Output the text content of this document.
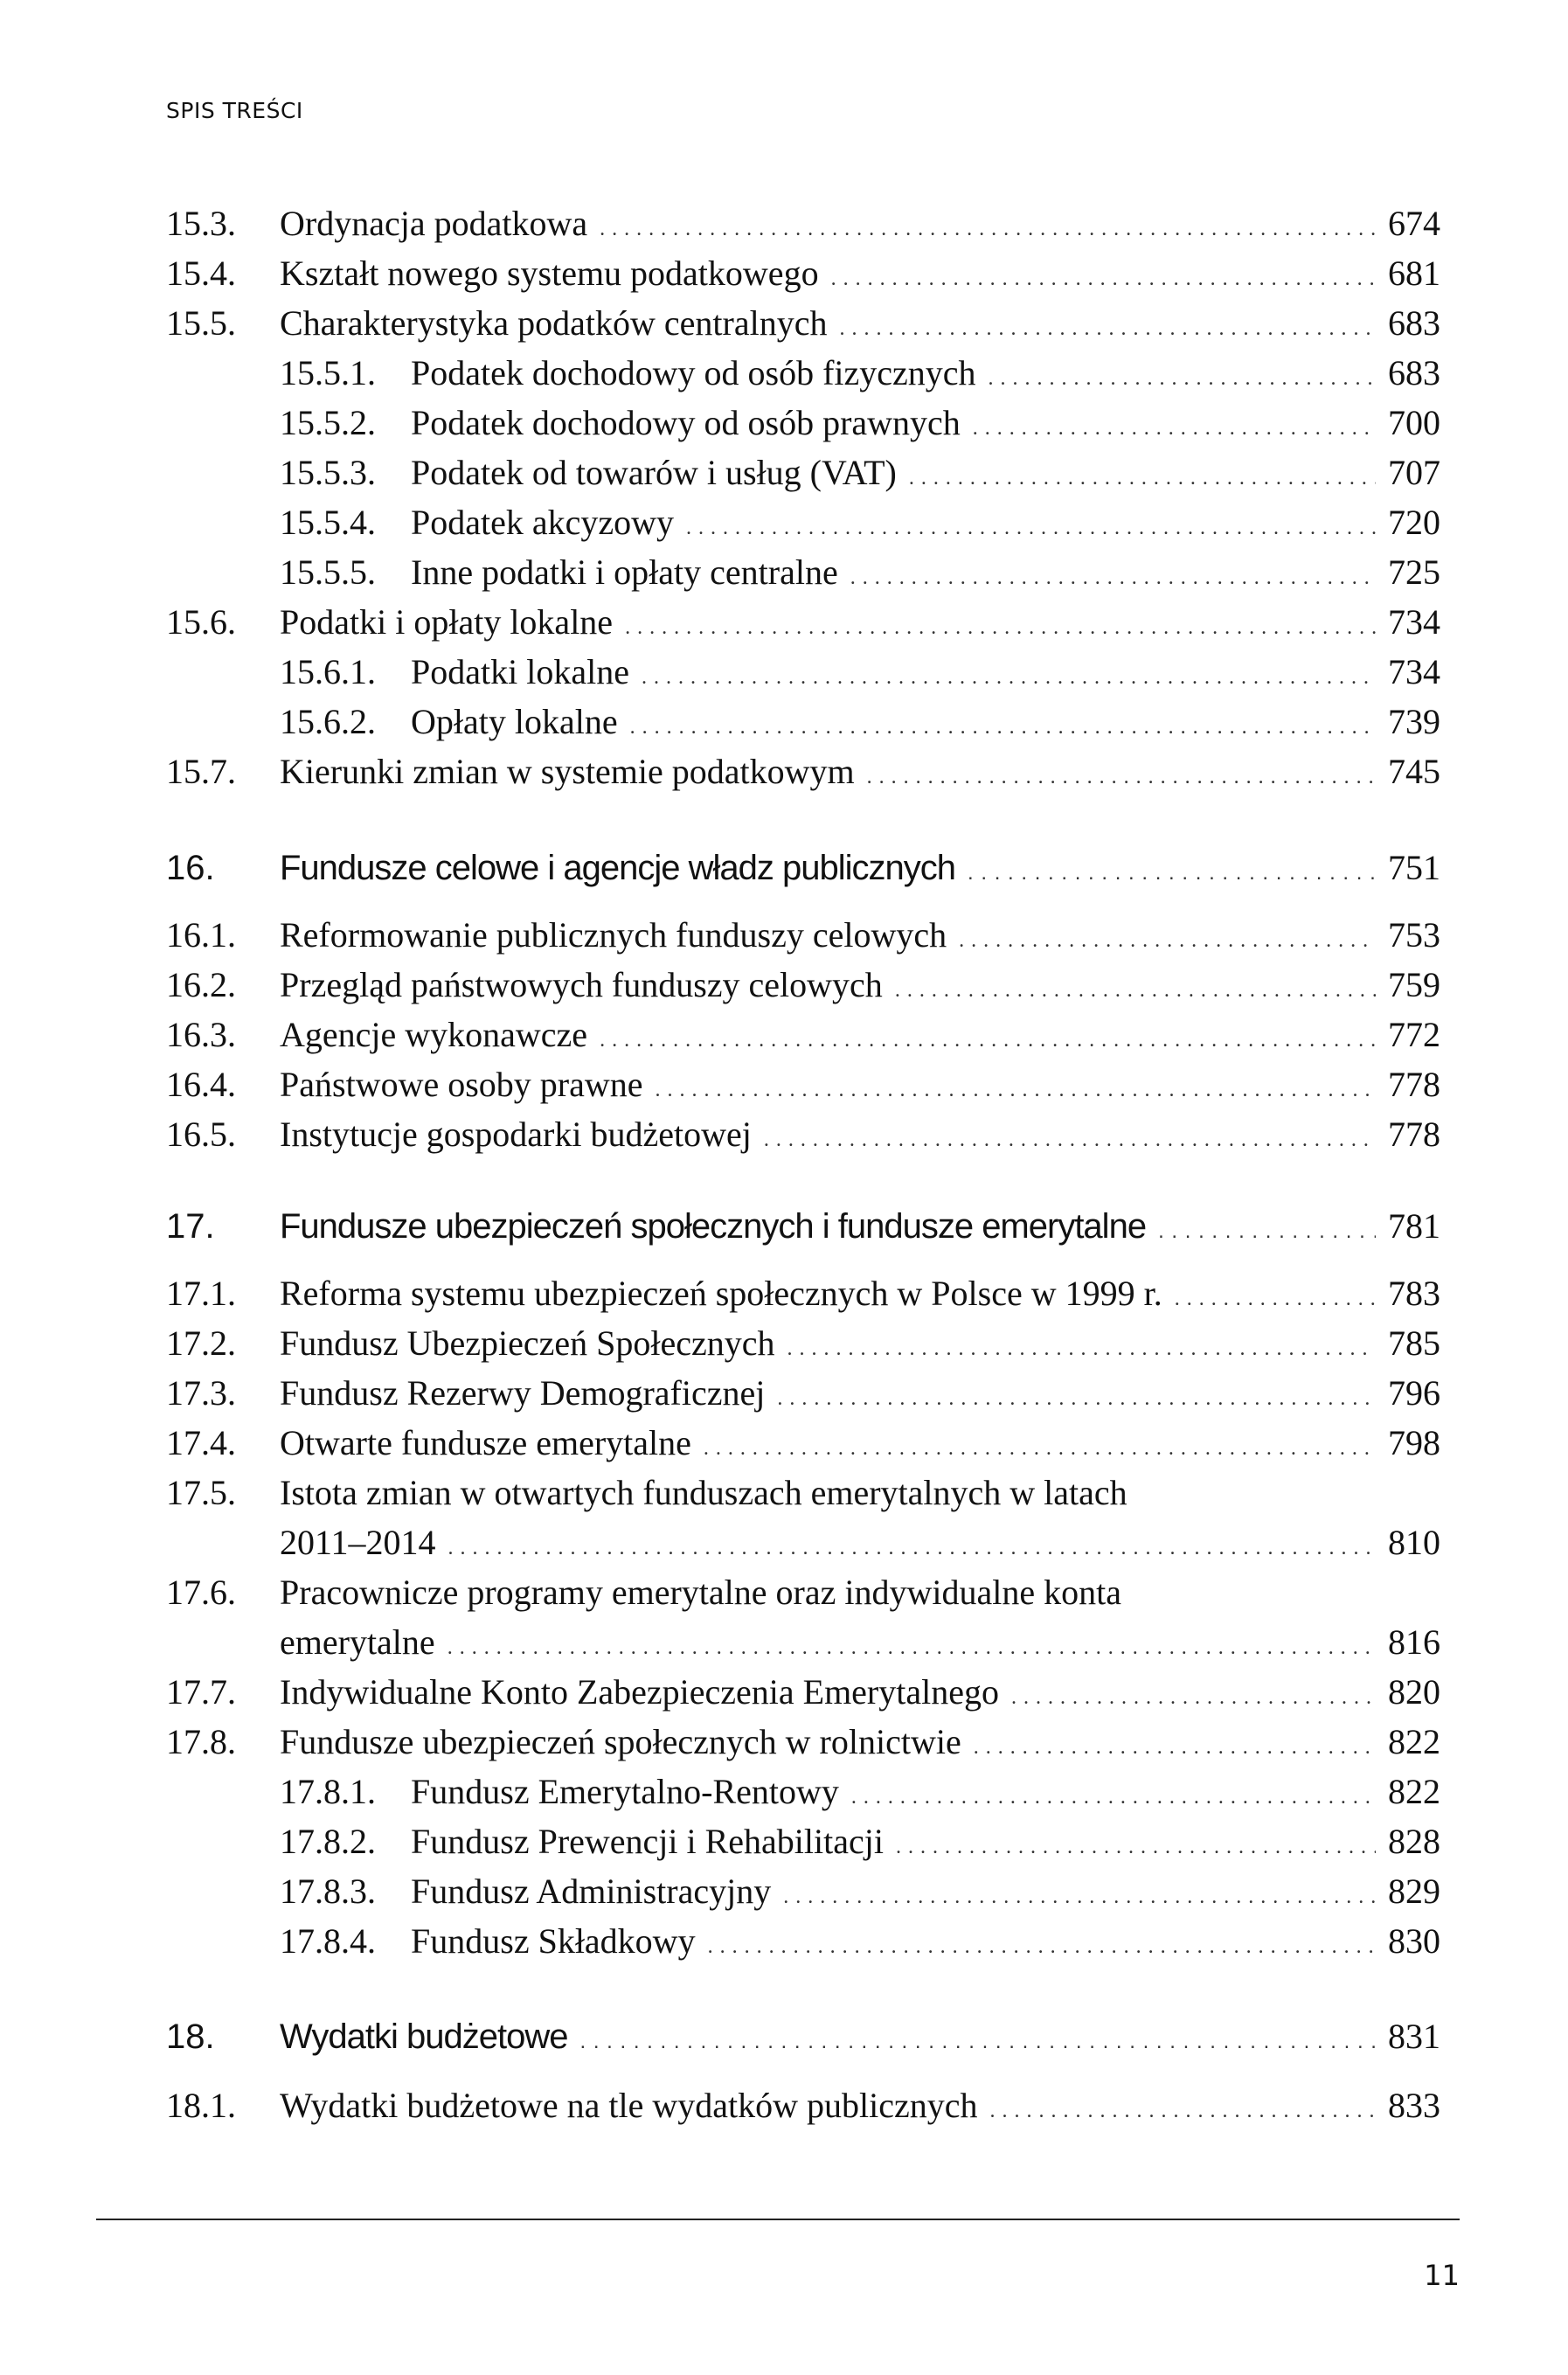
SPIS TREŚCI
15.3.	Ordynacja podatkowa . . .	674
15.4.	Kształt nowego systemu podatkowego . . .	681
15.5.	Charakterystyka podatków centralnych . . .	683
15.5.1.	Podatek dochodowy od osób fizycznych . . .	683
15.5.2.	Podatek dochodowy od osób prawnych . . .	700
15.5.3.	Podatek od towarów i usług (VAT) . . .	707
15.5.4.	Podatek akcyzowy . . .	720
15.5.5.	Inne podatki i opłaty centralne . . .	725
15.6.	Podatki i opłaty lokalne . . .	734
15.6.1.	Podatki lokalne . . .	734
15.6.2.	Opłaty lokalne . . .	739
15.7.	Kierunki zmian w systemie podatkowym . . .	745
16.	Fundusze celowe i agencje władz publicznych . . .	751
16.1.	Reformowanie publicznych funduszy celowych . . .	753
16.2.	Przegląd państwowych funduszy celowych . . .	759
16.3.	Agencje wykonawcze . . .	772
16.4.	Państwowe osoby prawne . . .	778
16.5.	Instytucje gospodarki budżetowej . . .	778
17.	Fundusze ubezpieczeń społecznych i fundusze emerytalne . . .	781
17.1.	Reforma systemu ubezpieczeń społecznych w Polsce w 1999 r. . . .	783
17.2.	Fundusz Ubezpieczeń Społecznych . . .	785
17.3.	Fundusz Rezerwy Demograficznej . . .	796
17.4.	Otwarte fundusze emerytalne . . .	798
17.5.	Istota zmian w otwartych funduszach emerytalnych w latach
2011–2014 . . .	810
17.6.	Pracownicze programy emerytalne oraz indywidualne konta
emerytalne . . .	816
17.7.	Indywidualne Konto Zabezpieczenia Emerytalnego . . .	820
17.8.	Fundusze ubezpieczeń społecznych w rolnictwie . . .	822
17.8.1.	Fundusz Emerytalno-Rentowy . . .	822
17.8.2.	Fundusz Prewencji i Rehabilitacji . . .	828
17.8.3.	Fundusz Administracyjny . . .	829
17.8.4.	Fundusz Składkowy . . .	830
18.	Wydatki budżetowe . . .	831
18.1.	Wydatki budżetowe na tle wydatków publicznych . . .	833
11
